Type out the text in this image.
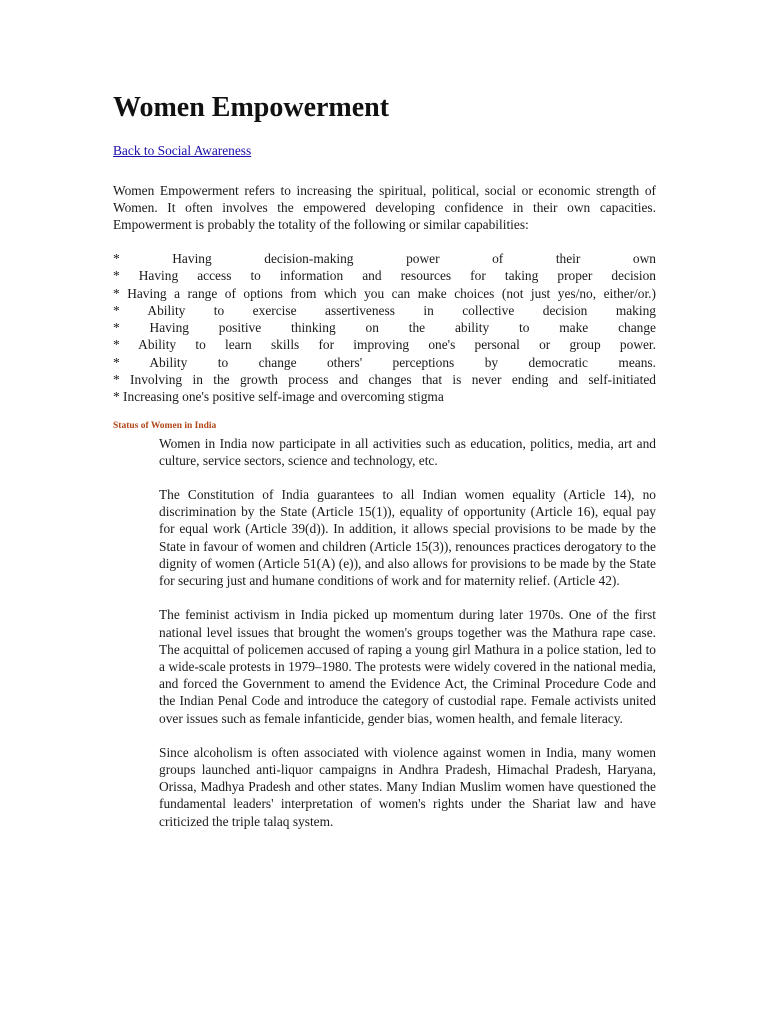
Women Empowerment
Back to Social Awareness
Women Empowerment refers to increasing the spiritual, political, social or economic strength of Women. It often involves the empowered developing confidence in their own capacities. Empowerment is probably the totality of the following or similar capabilities:
* Having decision-making power of their own
* Having access to information and resources for taking proper decision
* Having a range of options from which you can make choices (not just yes/no, either/or.)
* Ability to exercise assertiveness in collective decision making
* Having positive thinking on the ability to make change
* Ability to learn skills for improving one's personal or group power.
* Ability to change others' perceptions by democratic means.
* Involving in the growth process and changes that is never ending and self-initiated
* Increasing one's positive self-image and overcoming stigma
Status of Women in India

Women in India now participate in all activities such as education, politics, media, art and culture, service sectors, science and technology, etc.

The Constitution of India guarantees to all Indian women equality (Article 14), no discrimination by the State (Article 15(1)), equality of opportunity (Article 16), equal pay for equal work (Article 39(d)). In addition, it allows special provisions to be made by the State in favour of women and children (Article 15(3)), renounces practices derogatory to the dignity of women (Article 51(A) (e)), and also allows for provisions to be made by the State for securing just and humane conditions of work and for maternity relief. (Article 42).

The feminist activism in India picked up momentum during later 1970s. One of the first national level issues that brought the women's groups together was the Mathura rape case. The acquittal of policemen accused of raping a young girl Mathura in a police station, led to a wide-scale protests in 1979–1980. The protests were widely covered in the national media, and forced the Government to amend the Evidence Act, the Criminal Procedure Code and the Indian Penal Code and introduce the category of custodial rape. Female activists united over issues such as female infanticide, gender bias, women health, and female literacy.

Since alcoholism is often associated with violence against women in India, many women groups launched anti-liquor campaigns in Andhra Pradesh, Himachal Pradesh, Haryana, Orissa, Madhya Pradesh and other states. Many Indian Muslim women have questioned the fundamental leaders' interpretation of women's rights under the Shariat law and have criticized the triple talaq system.
